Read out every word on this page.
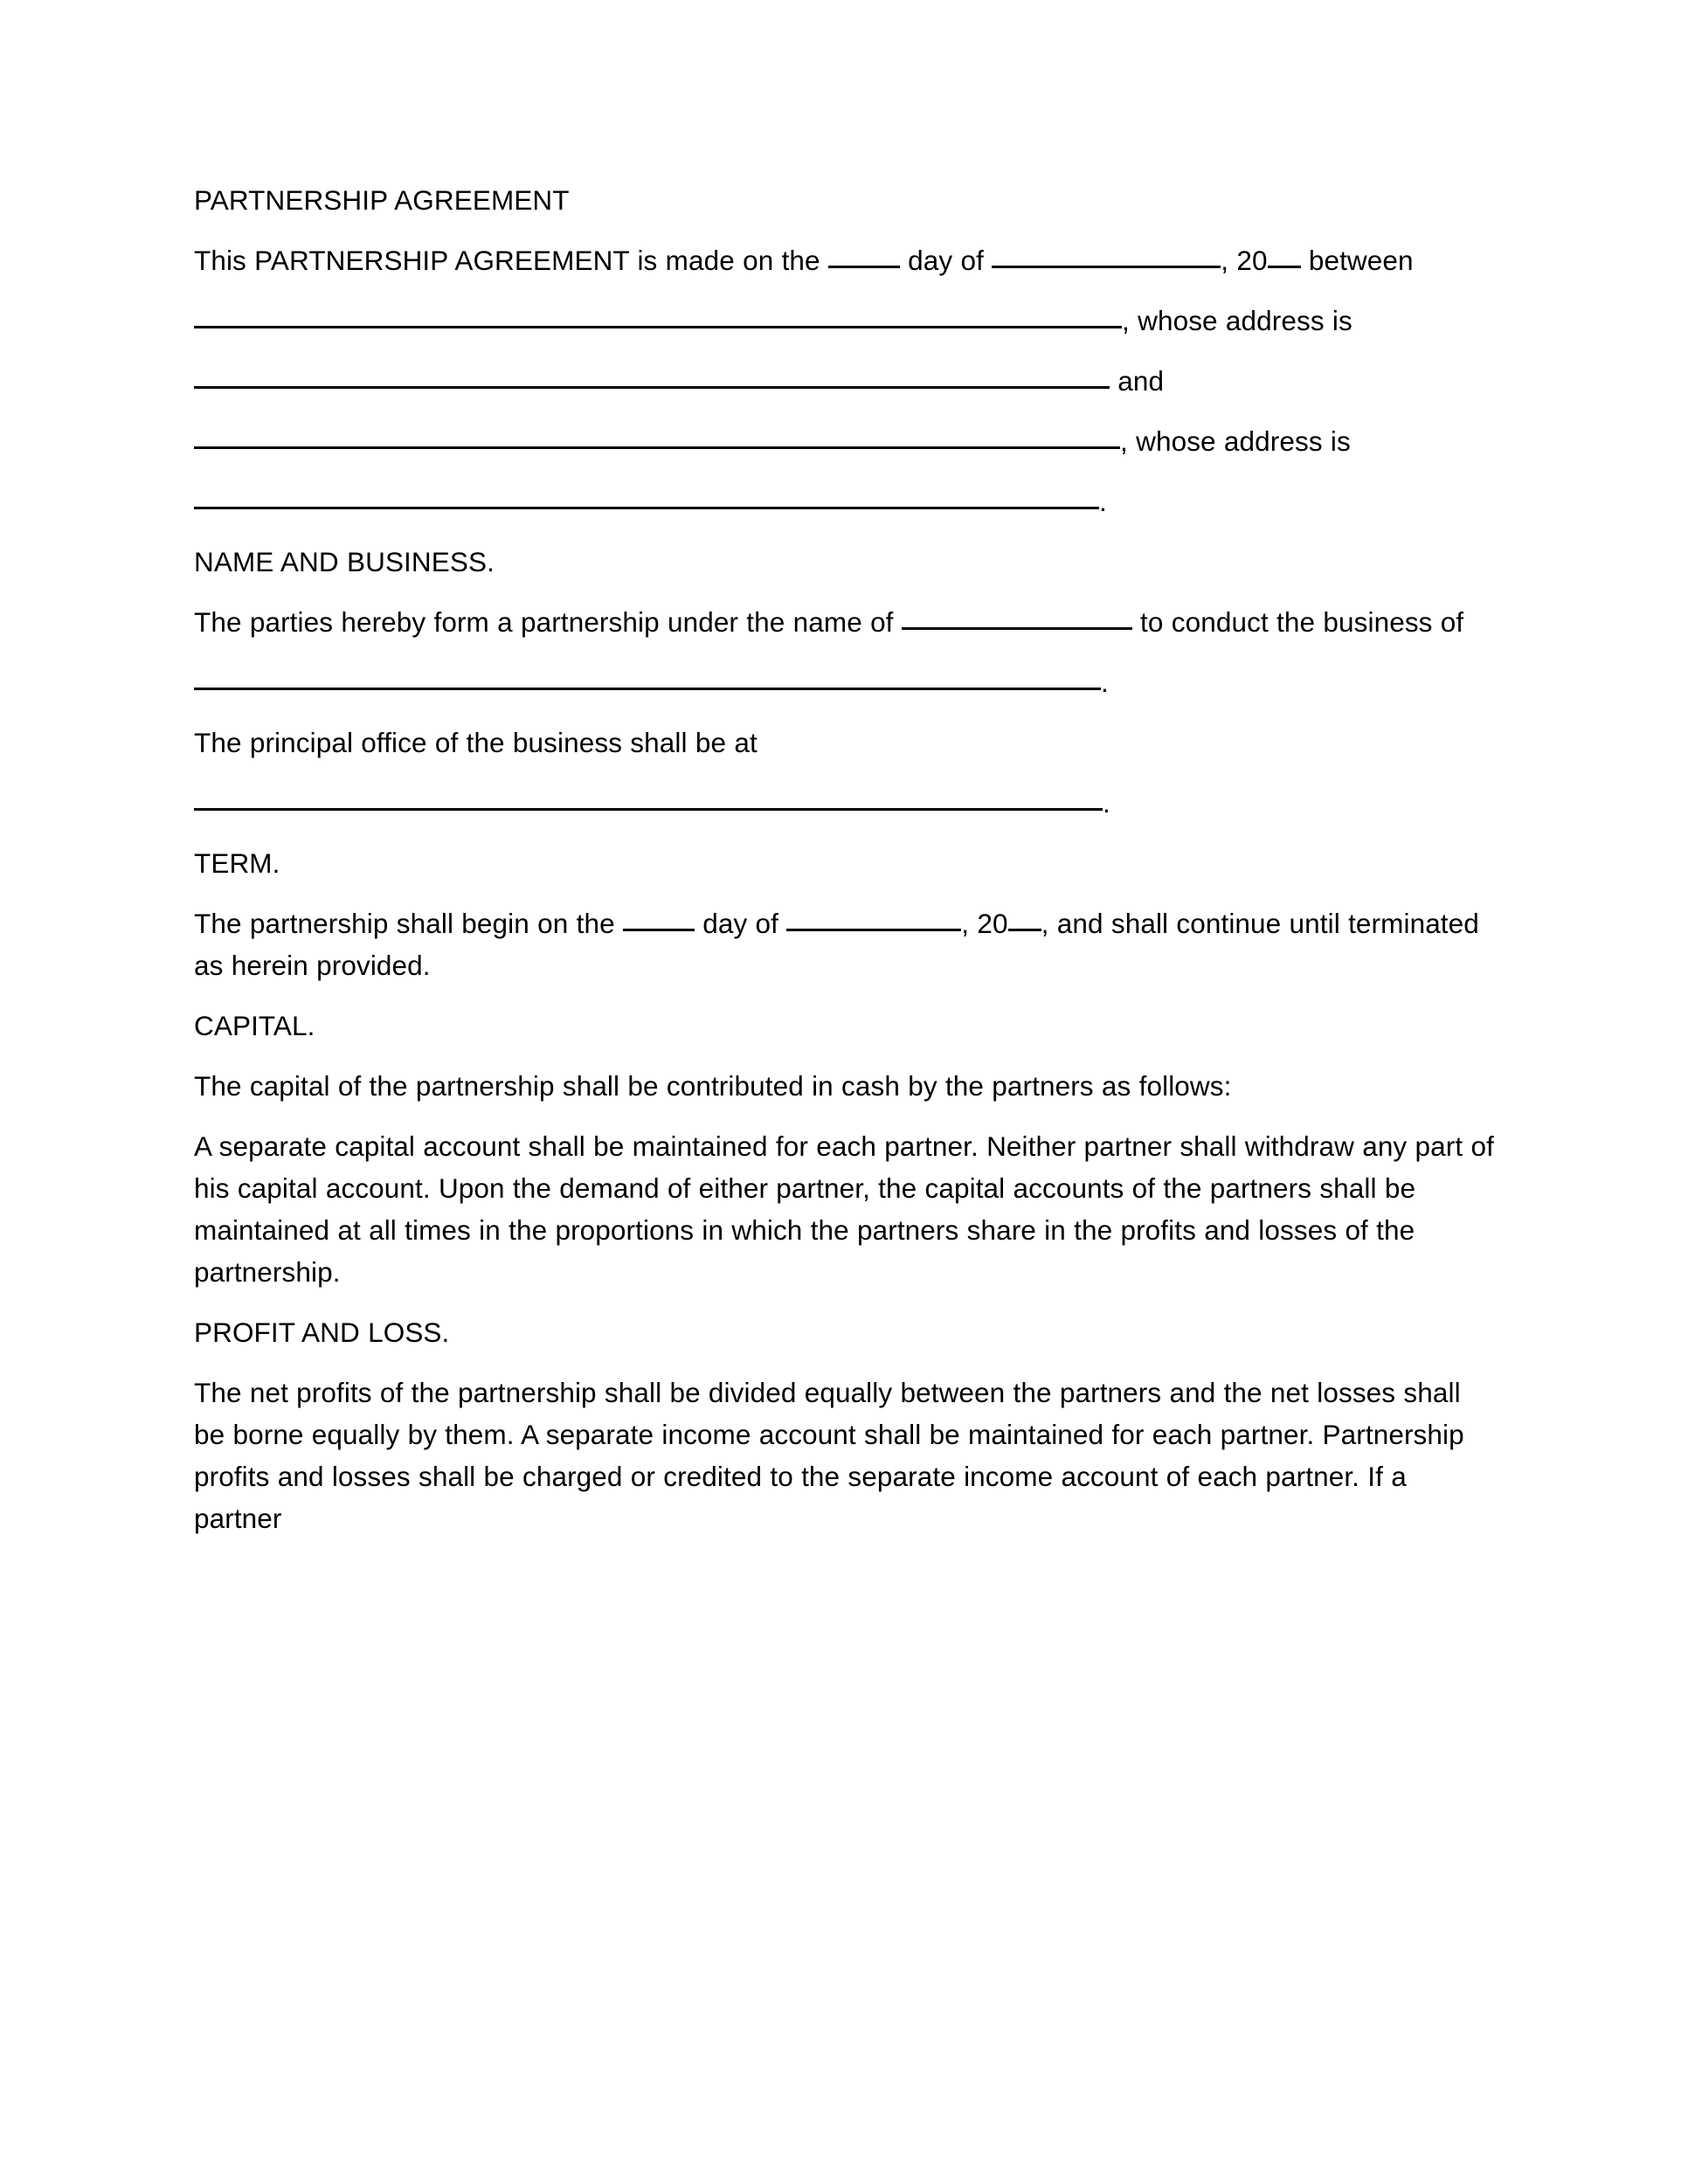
PARTNERSHIP AGREEMENT

This PARTNERSHIP AGREEMENT is made on the	day of	, 20 between

, whose address is

and

, whose address is

.

NAME AND BUSINESS.

The parties hereby form a partnership under the name of	to conduct the business of

.

The principal office of the business shall be at

.

TERM.

The partnership shall begin on the	day of	, 20 , and shall continue until terminated as herein provided.

CAPITAL.

The capital of the partnership shall be contributed in cash by the partners as follows:

A separate capital account shall be maintained for each partner. Neither partner shall withdraw any part of his capital account. Upon the demand of either partner, the capital accounts of the partners shall be maintained at all times in the proportions in which the partners share in the profits and losses of the partnership.

PROFIT AND LOSS.

The net profits of the partnership shall be divided equally between the partners and the net losses shall be borne equally by them. A separate income account shall be maintained for each partner. Partnership profits and losses shall be charged or credited to the separate income account of each partner. If a partner
